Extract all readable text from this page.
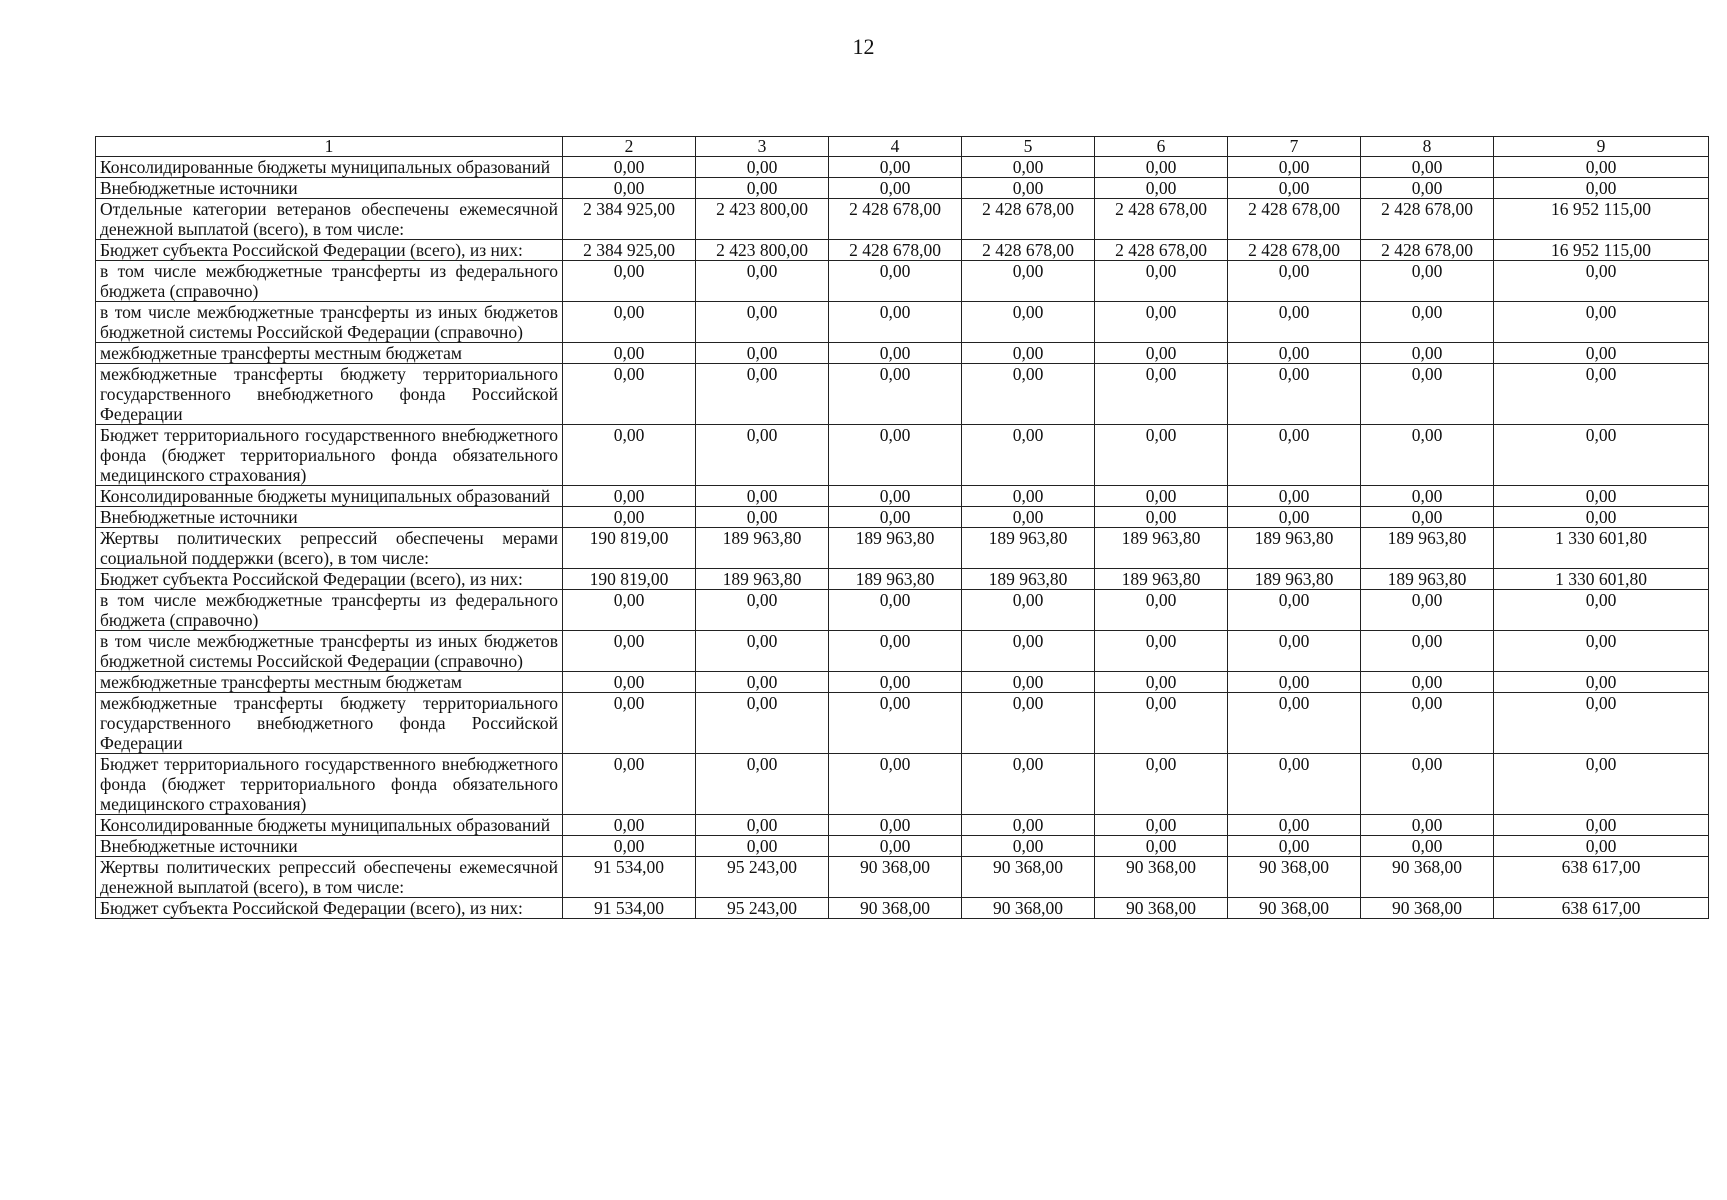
12
1	2	3	4	5	6	7	8	9
Консолидированные бюджеты муниципальных образований	0,00	0,00	0,00	0,00	0,00	0,00	0,00	0,00
Внебюджетные источники	0,00	0,00	0,00	0,00	0,00	0,00	0,00	0,00
Отдельные категории ветеранов обеспечены ежемесячной денежной выплатой (всего), в том числе:	2 384 925,00	2 423 800,00	2 428 678,00	2 428 678,00	2 428 678,00	2 428 678,00	2 428 678,00	16 952 115,00
Бюджет субъекта Российской Федерации (всего), из них:	2 384 925,00	2 423 800,00	2 428 678,00	2 428 678,00	2 428 678,00	2 428 678,00	2 428 678,00	16 952 115,00
в том числе межбюджетные трансферты из федерального бюджета (справочно)	0,00	0,00	0,00	0,00	0,00	0,00	0,00	0,00
в том числе межбюджетные трансферты из иных бюджетов бюджетной системы Российской Федерации (справочно)	0,00	0,00	0,00	0,00	0,00	0,00	0,00	0,00
межбюджетные трансферты местным бюджетам	0,00	0,00	0,00	0,00	0,00	0,00	0,00	0,00
межбюджетные трансферты бюджету территориального государственного внебюджетного фонда Российской Федерации	0,00	0,00	0,00	0,00	0,00	0,00	0,00	0,00
Бюджет территориального государственного внебюджетного фонда (бюджет территориального фонда обязательного медицинского страхования)	0,00	0,00	0,00	0,00	0,00	0,00	0,00	0,00
Консолидированные бюджеты муниципальных образований	0,00	0,00	0,00	0,00	0,00	0,00	0,00	0,00
Внебюджетные источники	0,00	0,00	0,00	0,00	0,00	0,00	0,00	0,00
Жертвы политических репрессий обеспечены мерами социальной поддержки (всего), в том числе:	190 819,00	189 963,80	189 963,80	189 963,80	189 963,80	189 963,80	189 963,80	1 330 601,80
Бюджет субъекта Российской Федерации (всего), из них:	190 819,00	189 963,80	189 963,80	189 963,80	189 963,80	189 963,80	189 963,80	1 330 601,80
в том числе межбюджетные трансферты из федерального бюджета (справочно)	0,00	0,00	0,00	0,00	0,00	0,00	0,00	0,00
в том числе межбюджетные трансферты из иных бюджетов бюджетной системы Российской Федерации (справочно)	0,00	0,00	0,00	0,00	0,00	0,00	0,00	0,00
межбюджетные трансферты местным бюджетам	0,00	0,00	0,00	0,00	0,00	0,00	0,00	0,00
межбюджетные трансферты бюджету территориального государственного внебюджетного фонда Российской Федерации	0,00	0,00	0,00	0,00	0,00	0,00	0,00	0,00
Бюджет территориального государственного внебюджетного фонда (бюджет территориального фонда обязательного медицинского страхования)	0,00	0,00	0,00	0,00	0,00	0,00	0,00	0,00
Консолидированные бюджеты муниципальных образований	0,00	0,00	0,00	0,00	0,00	0,00	0,00	0,00
Внебюджетные источники	0,00	0,00	0,00	0,00	0,00	0,00	0,00	0,00
Жертвы политических репрессий обеспечены ежемесячной денежной выплатой (всего), в том числе:	91 534,00	95 243,00	90 368,00	90 368,00	90 368,00	90 368,00	90 368,00	638 617,00
Бюджет субъекта Российской Федерации (всего), из них:	91 534,00	95 243,00	90 368,00	90 368,00	90 368,00	90 368,00	90 368,00	638 617,00
